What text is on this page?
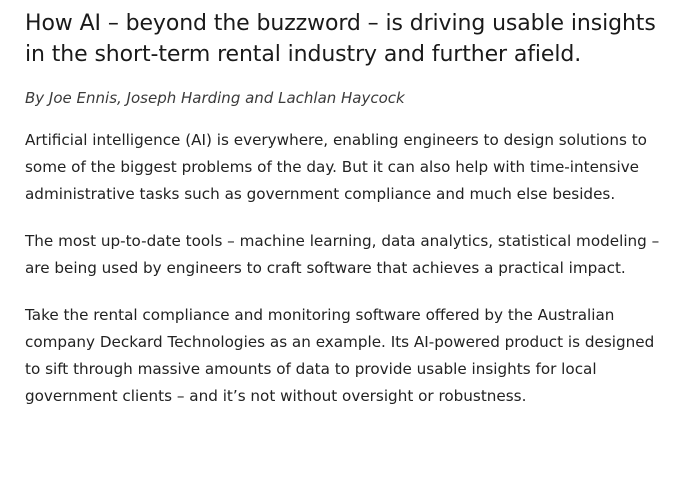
How AI – beyond the buzzword – is driving usable insights in the short-term rental industry and further afield.

By Joe Ennis, Joseph Harding and Lachlan Haycock

Artificial intelligence (AI) is everywhere, enabling engineers to design solutions to some of the biggest problems of the day. But it can also help with time-intensive administrative tasks such as government compliance and much else besides.

The most up-to-date tools – machine learning, data analytics, statistical modeling – are being used by engineers to craft software that achieves a practical impact.

Take the rental compliance and monitoring software offered by the Australian company Deckard Technologies as an example. Its AI-powered product is designed to sift through massive amounts of data to provide usable insights for local government clients – and it’s not without oversight or robustness.
